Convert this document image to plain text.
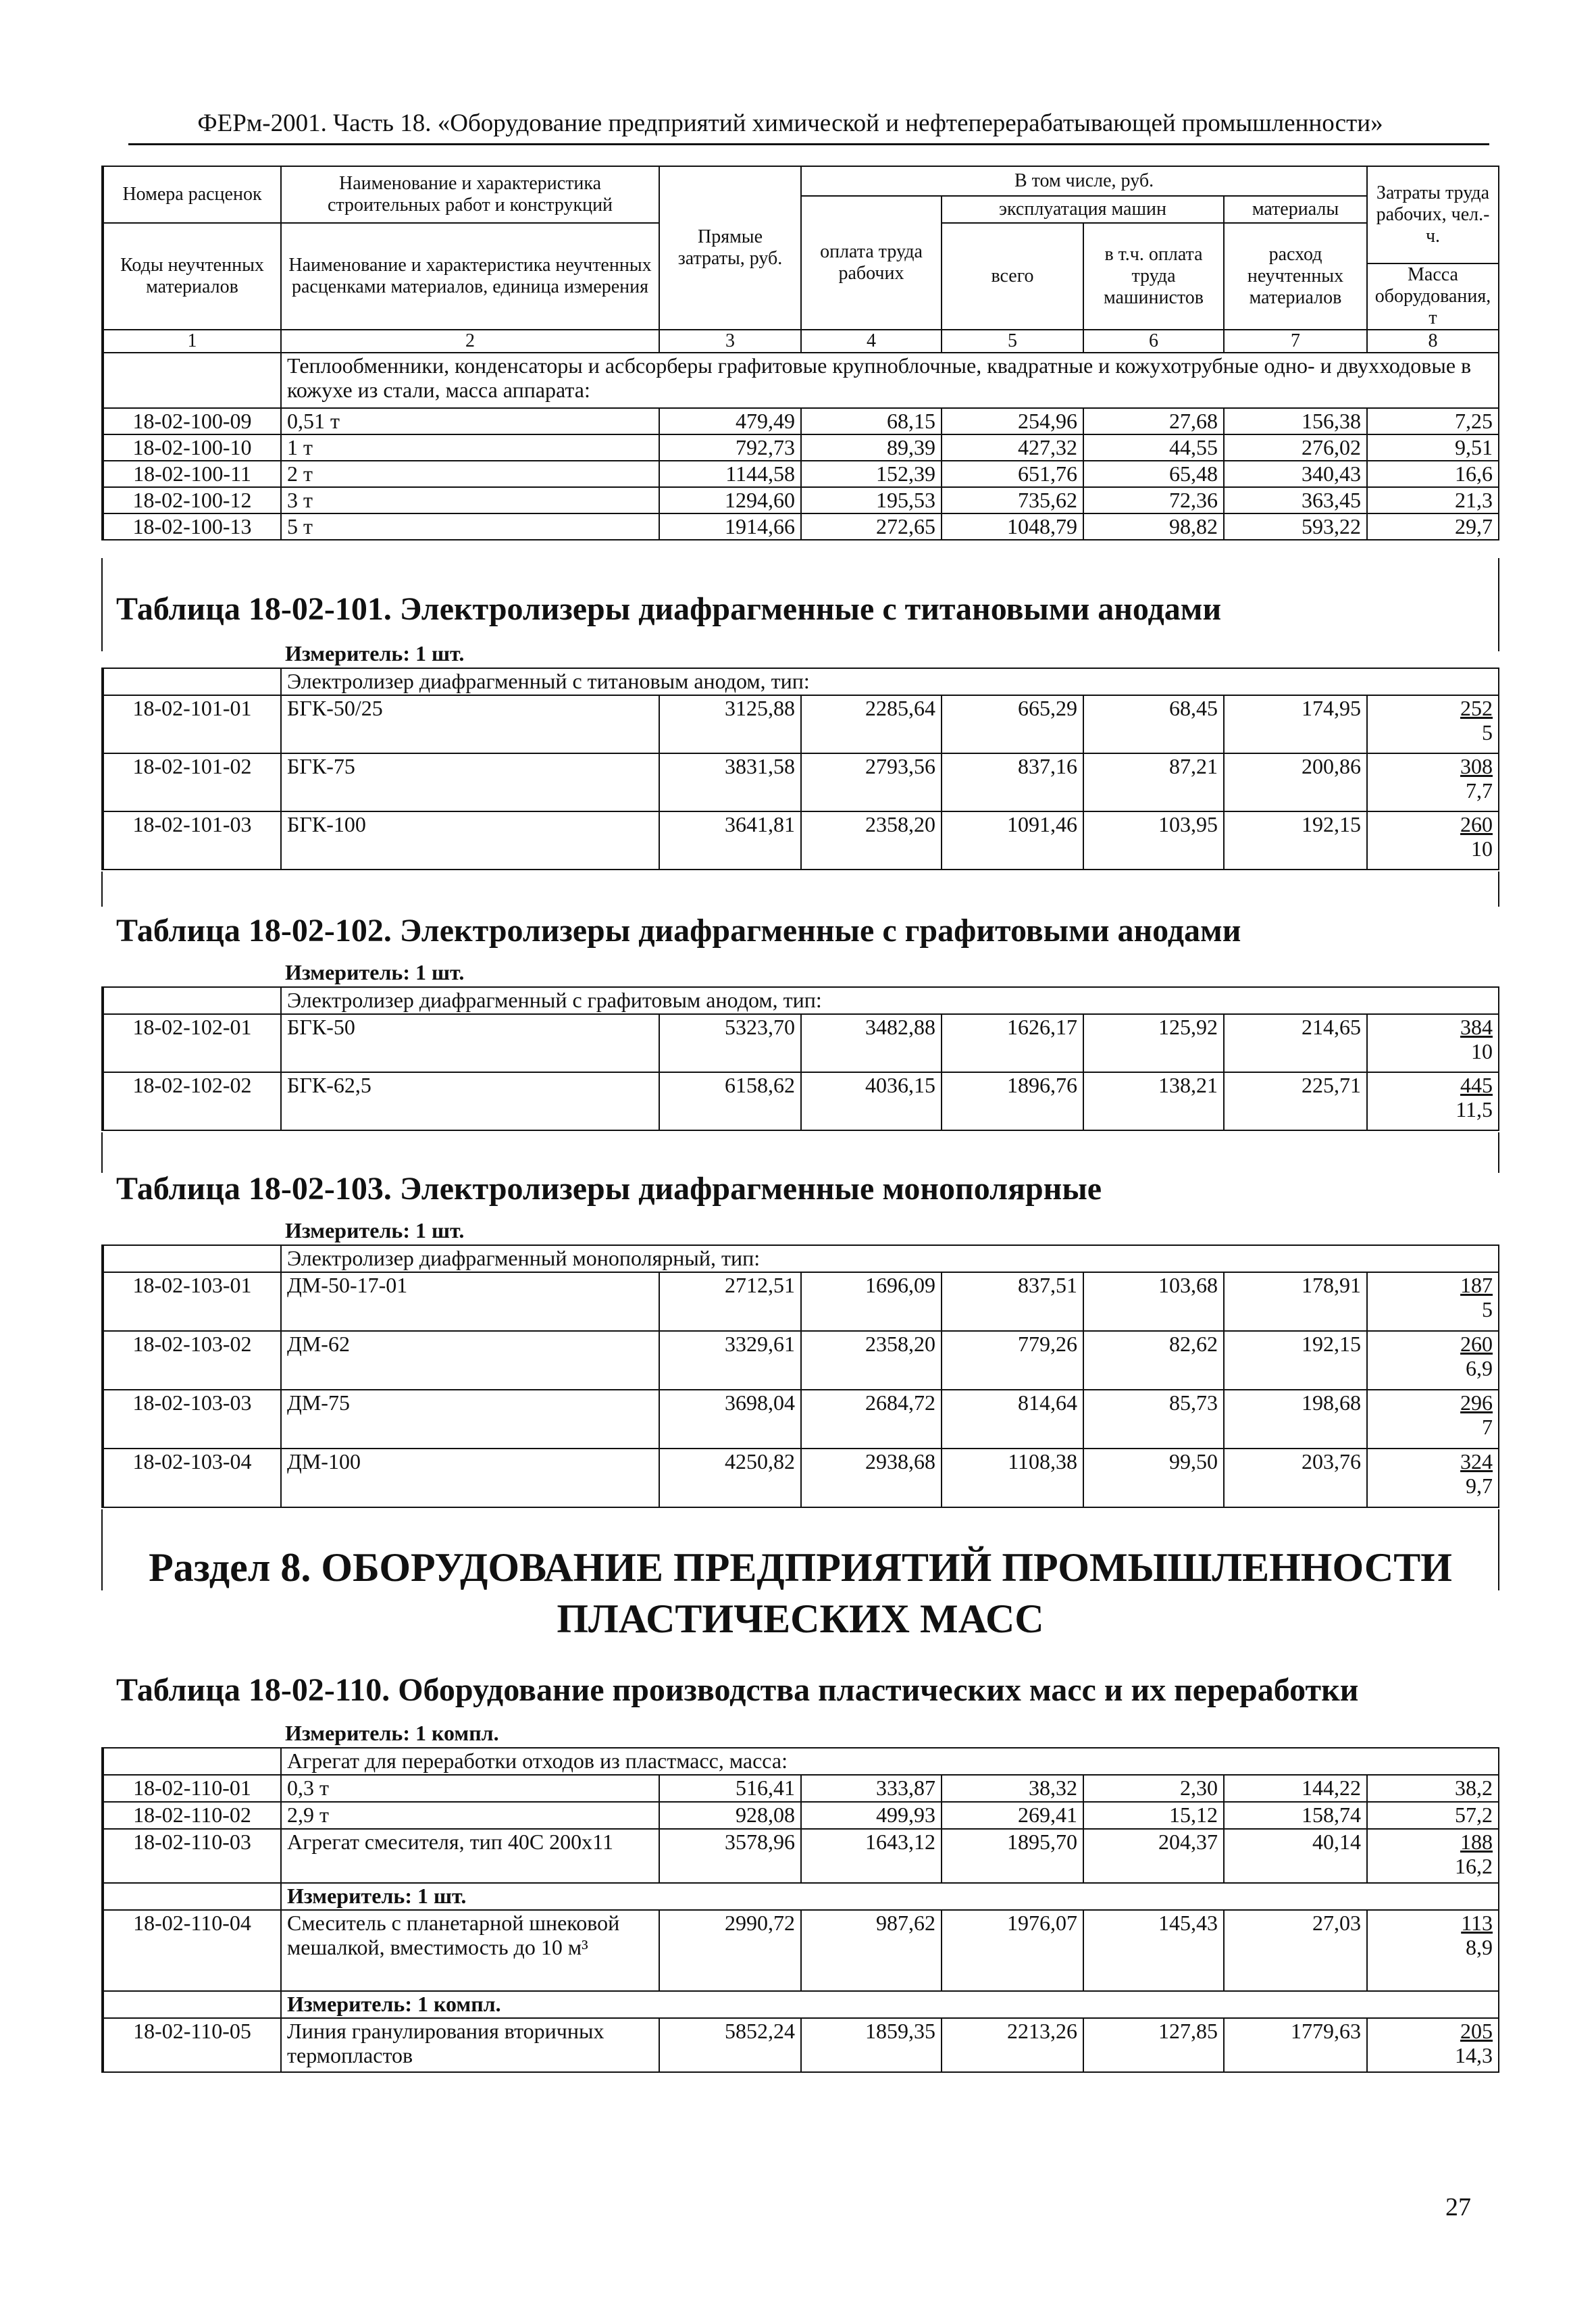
ФЕРм-2001. Часть 18. «Оборудование предприятий химической и нефтеперерабатывающей промышленности»
Номера расценок	Наименование и характеристика строительных работ и конструкций	Прямые затраты, руб.	В том числе, руб.				Затраты труда рабочих, чел.-ч.
			оплата труда рабочих	эксплуатация машин		материалы	
Коды неучтенных материалов	Наименование и характеристика неучтенных расценками материалов, единица измерения			всего	в т.ч. оплата труда машинистов	расход неучтенных материалов	
							Масса оборудования, т
1	2	3	4	5	6	7	8
	Теплообменники, конденсаторы и асбсорберы графитовые крупноблочные, квадратные и кожухотрубные одно- и двухходовые в кожухе из стали, масса аппарата:						
18-02-100-09	0,51 т	479,49	68,15	254,96	27,68	156,38	7,25
18-02-100-10	1 т	792,73	89,39	427,32	44,55	276,02	9,51
18-02-100-11	2 т	1144,58	152,39	651,76	65,48	340,43	16,6
18-02-100-12	3 т	1294,60	195,53	735,62	72,36	363,45	21,3
18-02-100-13	5 т	1914,66	272,65	1048,79	98,82	593,22	29,7
Таблица 18-02-101. Электролизеры диафрагменные с титановыми анодами
Измеритель: 1 шт.
	Электролизер диафрагменный с титановым анодом, тип:						
18-02-101-01	БГК-50/25	3125,88	2285,64	665,29	68,45	174,95	252
5

18-02-101-02	БГК-75	3831,58	2793,56	837,16	87,21	200,86	308
7,7

18-02-101-03	БГК-100	3641,81	2358,20	1091,46	103,95	192,15	260
10
Таблица 18-02-102. Электролизеры диафрагменные с графитовыми анодами
Измеритель: 1 шт.
	Электролизер диафрагменный с графитовым анодом, тип:						
18-02-102-01	БГК-50	5323,70	3482,88	1626,17	125,92	214,65	384
10

18-02-102-02	БГК-62,5	6158,62	4036,15	1896,76	138,21	225,71	445
11,5
Таблица 18-02-103. Электролизеры диафрагменные монополярные
Измеритель: 1 шт.
	Электролизер диафрагменный монополярный, тип:						
18-02-103-01	ДМ-50-17-01	2712,51	1696,09	837,51	103,68	178,91	187
5

18-02-103-02	ДМ-62	3329,61	2358,20	779,26	82,62	192,15	260
6,9

18-02-103-03	ДМ-75	3698,04	2684,72	814,64	85,73	198,68	296
7

18-02-103-04	ДМ-100	4250,82	2938,68	1108,38	99,50	203,76	324
9,7
Раздел 8. ОБОРУДОВАНИЕ ПРЕДПРИЯТИЙ ПРОМЫШЛЕННОСТИ
ПЛАСТИЧЕСКИХ МАСС
Таблица 18-02-110. Оборудование производства пластических масс и их переработки
Измеритель: 1 компл.
	Агрегат для переработки отходов из пластмасс, масса:						
18-02-110-01	0,3 т	516,41	333,87	38,32	2,30	144,22	38,2
18-02-110-02	2,9 т	928,08	499,93	269,41	15,12	158,74	57,2
18-02-110-03	Агрегат смесителя, тип 40С 200х11	3578,96	1643,12	1895,70	204,37	40,14	188
16,2

	Измеритель: 1 шт.						
18-02-110-04	Смеситель с планетарной шнековой мешалкой, вместимость до 10 м³	2990,72	987,62	1976,07	145,43	27,03	113
8,9

	Измеритель: 1 компл.						
18-02-110-05	Линия гранулирования вторичных термопластов	5852,24	1859,35	2213,26	127,85	1779,63	205
14,3
27
